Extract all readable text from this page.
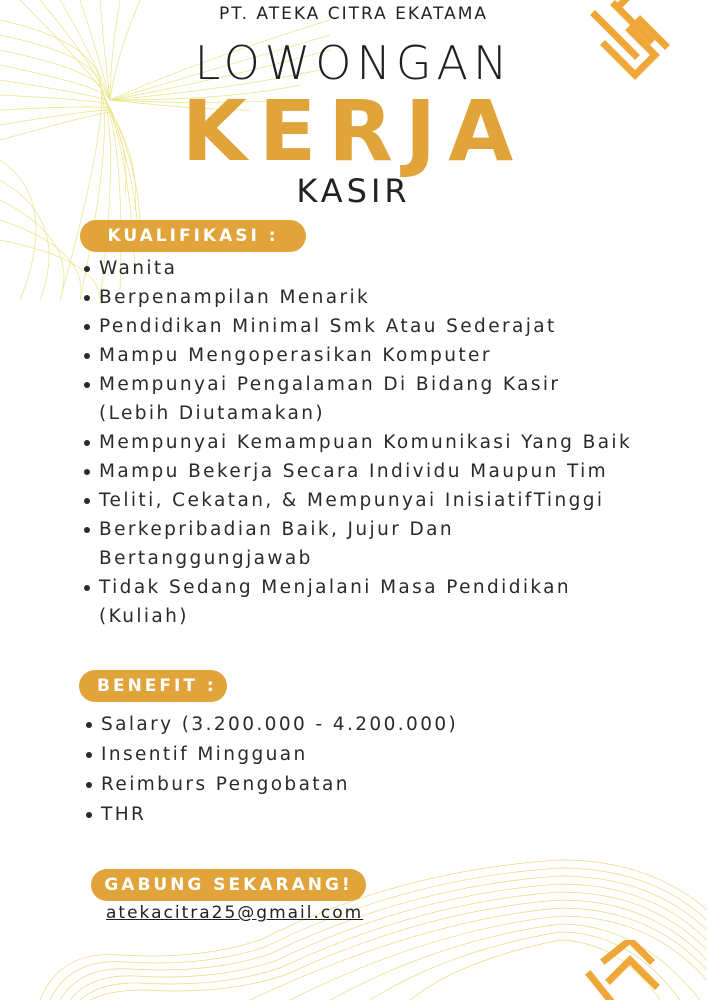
PT. ATEKA CITRA EKATAMA
LOWONGAN
KERJA
KASIR
KUALIFIKASI :
Wanita
Berpenampilan Menarik
Pendidikan Minimal Smk Atau Sederajat
Mampu Mengoperasikan Komputer
Mempunyai Pengalaman Di Bidang Kasir (Lebih Diutamakan)
Mempunyai Kemampuan Komunikasi Yang Baik
Mampu Bekerja Secara Individu Maupun Tim
Teliti, Cekatan, & Mempunyai InisiatifTinggi
Berkepribadian Baik, Jujur Dan Bertanggungjawab
Tidak Sedang Menjalani Masa Pendidikan (Kuliah)
BENEFIT :
Salary (3.200.000 - 4.200.000)
Insentif Mingguan
Reimburs Pengobatan
THR
GABUNG SEKARANG!
atekacitra25@gmail.com
